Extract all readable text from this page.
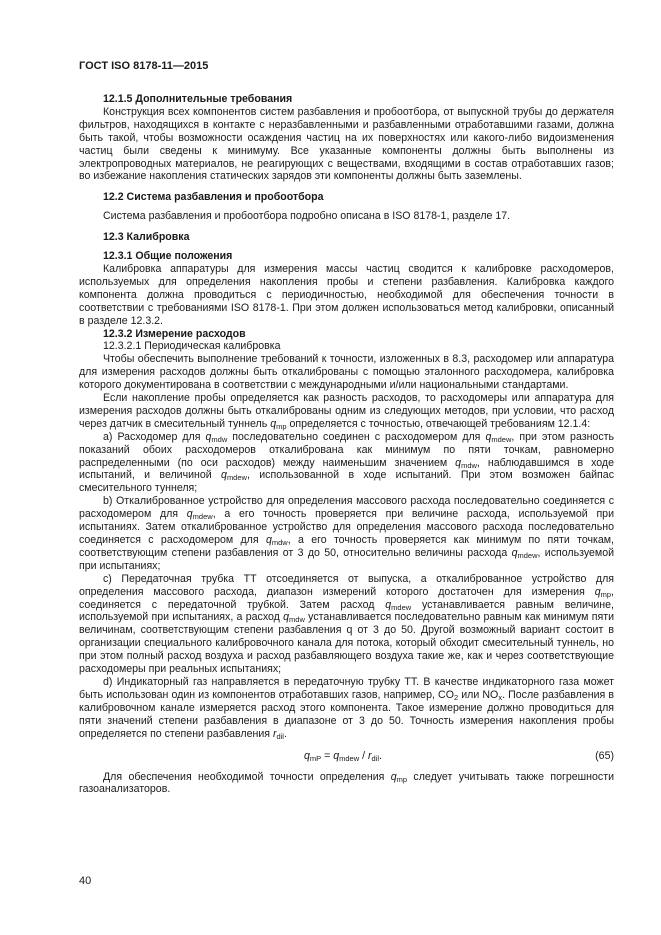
ГОСТ ISO 8178-11—2015

12.1.5 Дополнительные требования

Конструкция всех компонентов систем разбавления и пробоотбора, от выпускной трубы до держателя фильтров, находящихся в контакте с неразбавленными и разбавленными отработавшими газами, должна быть такой, чтобы возможности осаждения частиц на их поверхностях или какого-либо видоизменения частиц были сведены к минимуму. Все указанные компоненты должны быть выполнены из электропроводных материалов, не реагирующих с веществами, входящими в состав отработавших газов; во избежание накопления статических зарядов эти компоненты должны быть заземлены.

12.2 Система разбавления и пробоотбора

Система разбавления и пробоотбора подробно описана в ISO 8178-1, разделе 17.

12.3 Калибровка

12.3.1 Общие положения

Калибровка аппаратуры для измерения массы частиц сводится к калибровке расходомеров, используемых для определения накопления пробы и степени разбавления. Калибровка каждого компонента должна проводиться с периодичностью, необходимой для обеспечения точности в соответствии с требованиями ISO 8178-1. При этом должен использоваться метод калибровки, описанный в разделе 12.3.2.

12.3.2 Измерение расходов

12.3.2.1 Периодическая калибровка

Чтобы обеспечить выполнение требований к точности, изложенных в 8.3, расходомер или аппаратура для измерения расходов должны быть откалиброваны с помощью эталонного расходомера, калибровка которого документирована в соответствии с международными и/или национальными стандартами.

Если накопление пробы определяется как разность расходов, то расходомеры или аппаратура для измерения расходов должны быть откалиброваны одним из следующих методов, при условии, что расход через датчик в смесительный туннель $q_{mp}$ определяется с точностью, отвечающей требованиям 12.1.4:

a) Расходомер для $q_{mdw}$ последовательно соединен с расходомером для $q_{mdew}$, при этом разность показаний обоих расходомеров откалибрована как минимум по пяти точкам, равномерно распределенными (по оси расходов) между наименьшим значением $q_{mdw}$, наблюдавшимся в ходе испытаний, и величиной $q_{mdew}$, использованной в ходе испытаний. При этом возможен байпас смесительного туннеля;

b) Откалиброванное устройство для определения массового расхода последовательно соединяется с расходомером для $q_{mdew}$, а его точность проверяется при величине расхода, используемой при испытаниях. Затем откалиброванное устройство для определения массового расхода последовательно соединяется с расходомером для $q_{mdw}$, а его точность проверяется как минимум по пяти точкам, соответствующим степени разбавления от 3 до 50, относительно величины расхода $q_{mdew}$, используемой при испытаниях;

c) Передаточная трубка ТТ отсоединяется от выпуска, а откалиброванное устройство для определения массового расхода, диапазон измерений которого достаточен для измерения $q_{mp}$, соединяется с передаточной трубкой. Затем расход $q_{mdew}$ устанавливается равным величине, используемой при испытаниях, а расход $q_{mdw}$ устанавливается последовательно равным как минимум пяти величинам, соответствующим степени разбавления q от 3 до 50. Другой возможный вариант состоит в организации специального калибровочного канала для потока, который обходит смесительный туннель, но при этом полный расход воздуха и расход разбавляющего воздуха такие же, как и через соответствующие расходомеры при реальных испытаниях;

d) Индикаторный газ направляется в передаточную трубку ТТ. В качестве индикаторного газа может быть использован один из компонентов отработавших газов, например, $CO_2$ или $NO_x$. После разбавления в калибровочном канале измеряется расход этого компонента. Такое измерение должно проводиться для пяти значений степени разбавления в диапазоне от 3 до 50. Точность измерения накопления пробы определяется по степени разбавления $r_{dil}$.

$q_{mP} = q_{mdew} / r_{dil}$.	(65)

Для обеспечения необходимой точности определения $q_{mp}$ следует учитывать также погрешности газоанализаторов.

40
